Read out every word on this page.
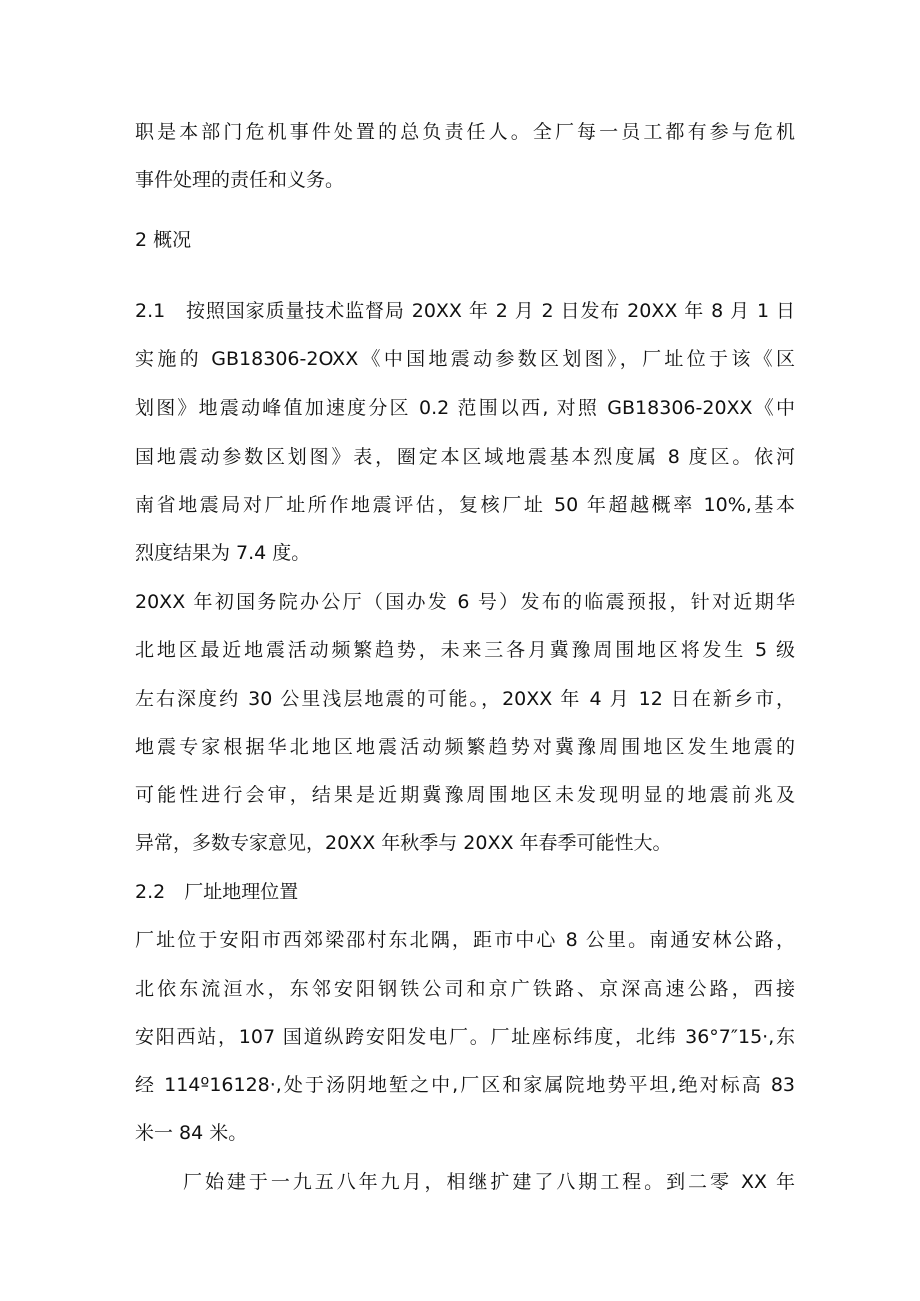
职是本部门危机事件处置的总负责任人。全厂每一员工都有参与危机
事件处理的责任和义务。
2 概况
2.1　按照国家质量技术监督局 20XX 年 2 月 2 日发布 20XX 年 8 月 1 日
实施的 GB18306-2OXX《中国地震动参数区划图》，厂址位于该《区
划图》地震动峰值加速度分区 0.2 范围以西, 对照 GB18306-20XX《中
国地震动参数区划图》表，圈定本区域地震基本烈度属 8 度区。依河
南省地震局对厂址所作地震评估，复核厂址 50 年超越概率 10%,基本
烈度结果为 7.4 度。
20XX 年初国务院办公厅（国办发 6 号）发布的临震预报，针对近期华
北地区最近地震活动频繁趋势，未来三各月冀豫周围地区将发生 5 级
左右深度约 30 公里浅层地震的可能。，20XX 年 4 月 12 日在新乡市，
地震专家根据华北地区地震活动频繁趋势对冀豫周围地区发生地震的
可能性进行会审，结果是近期冀豫周围地区未发现明显的地震前兆及
异常，多数专家意见，20XX 年秋季与 20XX 年春季可能性大。
2.2　厂址地理位置
厂址位于安阳市西郊梁邵村东北隅，距市中心 8 公里。南通安林公路，
北依东流洹水，东邻安阳钢铁公司和京广铁路、京深高速公路，西接
安阳西站，107 国道纵跨安阳发电厂。厂址座标纬度，北纬 36°7″15·,东
经 114º16128·,处于汤阴地堑之中,厂区和家属院地势平坦,绝对标高 83
米一 84 米。
厂始建于一九五八年九月，相继扩建了八期工程。到二零 XX 年
